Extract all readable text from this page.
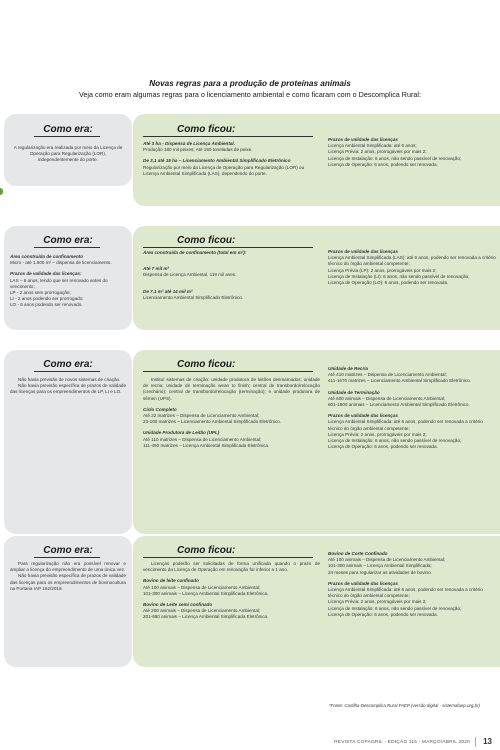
Novas regras para a produção de proteínas animais
Veja como eram algumas regras para o licenciamento ambiental e como ficaram com o Descomplica Rural:
Como era:

A regularização era realizada por meio da Licença de Operação para Regularização (LOR), independentemente do porte.

Como ficou:

Até 3 ha - Dispensa de Licença Ambiental.

Produção 180 mil peixes; Até 150 toneladas de peixe.

De 3,1 até 15 ha – Licenciamento Ambiental Simplificado Eletrônico

Regularização por meio da Licença de Operação para Regularização (LOR) ou Licença Ambiental Simplificada (LAS), dependendo do porte.

Prazos de validade das licenças

Licença Ambiental Simplificada: até 6 anos;

Licença Prévia: 2 anos, prorrogáveis por mais 2;

Licença de Instalação: 6 anos, não sendo passível de renovação;

Licença de Operação: 6 anos, podendo ser renovada.

Como era:

Área construída de confinamento

Micro - até 1.500 m² – dispensa de licenciamento.

Prazos de validade das licenças:

LAS – 6 anos, tendo que ser renovado antes do vencimento;

LP - 2 anos sem prorrogação;

LI - 2 anos podendo ser prorrogado;

LO - 6 anos podendo ser renovado.

Como ficou:

Área construída de confinamento (total em m²):

Até 7 mil m²

Dispensa de Licença Ambiental, 119 mil aves.

De 7,1 m² até 14 mil m²

Licenciamento Ambiental Simplificado Eletrônico.

Prazos de validade das licenças

Licença Ambiental Simplificada (LAS): até 6 anos, podendo ser renovada a critério técnico do órgão ambiental competente;

Licença Prévia (LP): 2 anos, prorrogáveis por mais 2;

Licença de Instalação (LI): 6 anos, não sendo passível de renovação;

Licença de Operação (LO): 6 anos, podendo ser renovada.

Como era:

Não havia previsão de novos sistemas de criação.

Não havia previsão específica de prazos de validade das licenças para os empreendimentos de LP, LI e LO.

Como ficou:

Instituí sistemas de criação: unidade produtora de leitões desmamados; unidade de recria; unidade de terminação wean to finish; central de transbordo/relocação (crechário); central de transbordo/relocação (terminação); e unidade produtora de sêmen (UPS).

Ciclo Completo

Até 22 matrizes – Dispensa de Licenciamento Ambiental;

23-100 matrizes – Licenciamento Ambiental Simplificado Eletrônico.

Unidade Produtora de Leitão (UPL)

Até 110 matrizes – Dispensa de Licenciamento Ambiental;

111-450 matrizes – Licença Ambiental Simplificada Eletrônica.

Unidade de Recria

Até 410 matrizes – Dispensa de Licenciamento Ambiental;

411-1670 matrizes – Licenciamento Ambiental Simplificado Eletrônico.

Unidade de Terminação

Até 600 animais – Dispensa de Licenciamento Ambiental;

601-1800 animais – Licenciamento Ambiental Simplificado Eletrônico.

Prazos de validade das licenças

Licença Ambiental Simplificada: até 6 anos, podendo ser renovada a critério técnico do órgão ambiental competente;

Licença Prévia: 2 anos, prorrogáveis por mais 2;

Licença de Instalação: 6 anos, não sendo passível de renovação;

Licença de Operação: 6 anos, podendo ser renovada.

Como era:

Para regularização não era possível renovar e ampliar a licença do empreendimento de uma única vez.

Não havia previsão específica de prazos de validade das licenças para os empreendimentos de bovinocultura na Portaria IAP 162/2018.

Como ficou:

Licenças poderão ser solicitadas de forma unificada quando o prazo de vencimento da Licença de Operação em renovação for inferior a 1 ano.

Bovino de leite confinado

Até 100 animais – Dispensa de Licenciamento Ambiental;

101-300 animais – Licença Ambiental Simplificada Eletrônica.

Bovino de Leite semi confinado

Até 200 animais – Dispensa de Licenciamento Ambiental;

201-650 animais – Licença Ambiental Simplificada Eletrônica.

Bovino de Corte Confinado

Até 100 animais – Dispensa de Licenciamento Ambiental;

101-300 animais – Licença Ambiental Simplificada;

24 meses para regularizar as atividades de bovino.

Prazos de validade das licenças

Licença Ambiental Simplificada: até 6 anos, podendo ser renovada a critério técnico do órgão ambiental competente;

Licença Prévia: 2 anos, prorrogáveis por mais 2;

Licença de Instalação: 6 anos, não sendo passível de renovação;

Licença de Operação: 6 anos, podendo ser renovada.

*Fonte: Cartilha Descomplica Rural FAEP (versão digital - sistemafaep.org.br)
REVISTA COPAGRIL - EDIÇÃO 115 - MARÇO/ABRIL 2020 13
